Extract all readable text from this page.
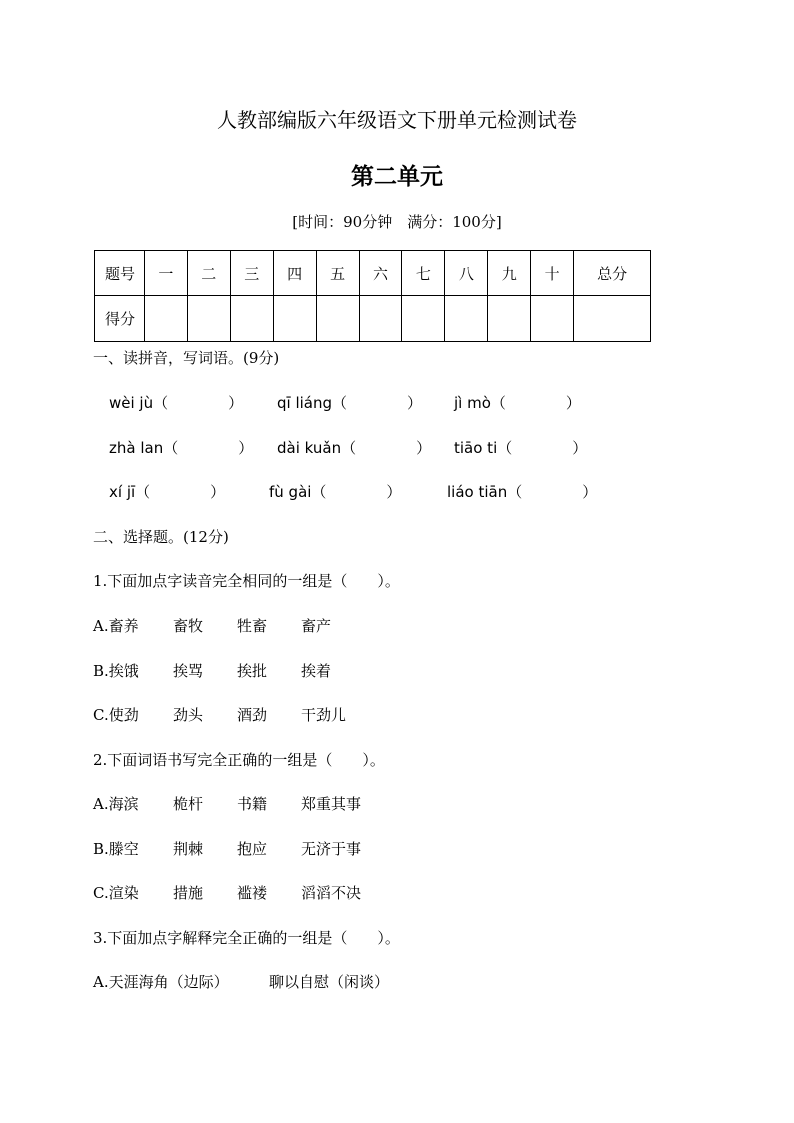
人教部编版六年级语文下册单元检测试卷
第二单元
[时间：90分钟　满分：100分]
题号	一	二	三	四	五	六	七	八	九	十	总分
得分											
一、读拼音，写词语。(9分)
wèi jù（　　　　） qī liáng（　　　　） jì mò（　　　　）
zhà lan（　　　　） dài kuǎn（　　　　） tiāo ti（　　　　）
xí jī（　　　　）	fù gài（　　　　）	liáo tiān（　　　　）
二、选择题。(12分)
1.下面加点字读音完全相同的一组是（　　）。
A.畜养 畜牧 牲畜 畜产
B.挨饿 挨骂 挨批 挨着
C.使劲 劲头 酒劲 干劲儿
2.下面词语书写完全正确的一组是（　　）。
A.海滨 桅杆 书籍 郑重其事
B.滕空 荆棘 抱应 无济于事
C.渲染 措施 褴褛 滔滔不决
3.下面加点字解释完全正确的一组是（　　）。
A.天涯海角（边际）	聊以自慰（闲谈）
